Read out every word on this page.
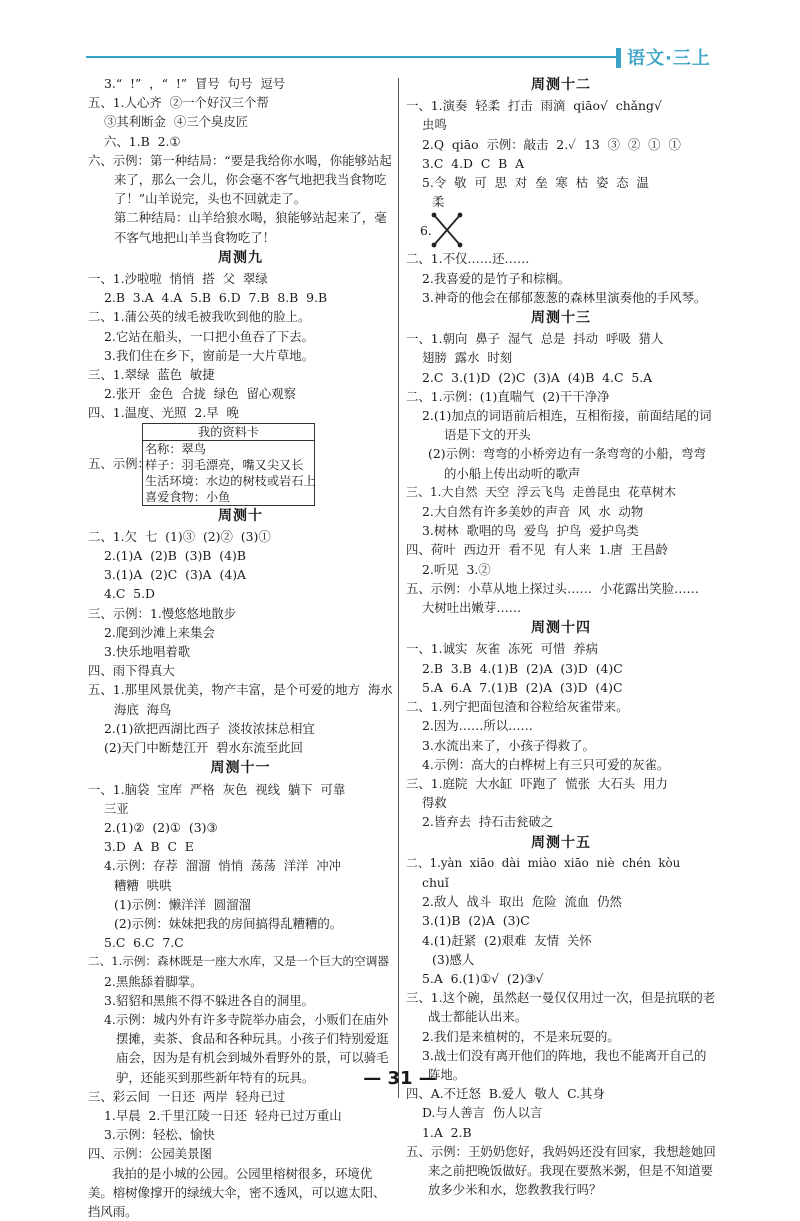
语文·三上
3.“  !”  ，“  !”  冒号  句号  逗号
五、1.人心齐  ②一个好汉三个帮
③其利断金  ④三个臭皮匠
六、1.B  2.①
六、示例：第一种结局：“要是我给你水喝，你能够站起来了，那么一会儿，你会毫不客气地把我当食物吃了！”山羊说完，头也不回就走了。
第二种结局：山羊给狼水喝，狼能够站起来了，毫不客气地把山羊当食物吃了！
周测九
一、1.沙啦啦  悄悄  搭  父  翠绿
2.B  3.A  4.A  5.B  6.D  7.B  8.B  9.B
二、1.蒲公英的绒毛被我吹到他的脸上。
2.它站在船头，一口把小鱼吞了下去。
3.我们住在乡下，窗前是一大片草地。
三、1.翠绿  蓝色  敏捷
2.张开  金色  合拢  绿色  留心观察
四、1.温度、光照  2.早  晚
五、示例：
我的资料卡
名称：翠鸟
样子：羽毛漂亮，嘴又尖又长
生活环境：水边的树枝或岩石上
喜爱食物：小鱼
周测十
二、1.欠  七  (1)③  (2)②  (3)①
2.(1)A  (2)B  (3)B  (4)B
3.(1)A  (2)C  (3)A  (4)A
4.C  5.D
三、示例：1.慢悠悠地散步
2.爬到沙滩上来集会
3.快乐地唱着歌
四、雨下得真大
五、1.那里风景优美，物产丰富，是个可爱的地方  海水
海底  海鸟
2.(1)欲把西湖比西子  淡妆浓抹总相宜
(2)天门中断楚江开  碧水东流至此回
周测十一
一、1.脑袋  宝库  严格  灰色  视线  躺下  可靠
三亚
2.(1)②  (2)①  (3)③
3.D  A  B  C  E
4.示例：存荐  溜溜  悄悄  荡荡  洋洋  冲冲
糟糟  哄哄
(1)示例：懒洋洋  圆溜溜
(2)示例：妹妹把我的房间搞得乱糟糟的。
5.C  6.C  7.C
二、1.示例：森林既是一座大水库，又是一个巨大的空调器
2.黑熊舔着脚掌。
3.貂貂和黑熊不得不躲进各自的洞里。
4.示例：城内外有许多寺院举办庙会，小贩们在庙外摆摊，卖茶、食品和各种玩具。小孩子们特别爱逛庙会，因为是有机会到城外看野外的景，可以骑毛驴，还能买到那些新年特有的玩具。
三、彩云间  一日还  两岸  轻舟已过
1.早晨  2.千里江陵一日还  轻舟已过万重山
3.示例：轻松、愉快
四、示例：公园美景图
我拍的是小城的公园。公园里榕树很多，环境优美。榕树像撑开的绿绒大伞，密不透风，可以遮太阳、挡风雨。
周测十二
一、1.演奏  轻柔  打击  雨滴  qiāo√  chǎng√
虫鸣
2.Q  qiāo  示例：敲击  2.✓  13  ③  ②  ①  ①
3.C  4.D  C  B  A
5.令  敬  可  思  对  垒  寒  枯  姿  态  温
柔
6.
二、1.不仅……还……
2.我喜爱的是竹子和棕榈。
3.神奇的他会在郁郁葱葱的森林里演奏他的手风琴。
周测十三
一、1.朝向  鼻子  湿气  总是  抖动  呼吸  猎人
翅膀  露水  时刻
2.C  3.(1)D  (2)C  (3)A  (4)B  4.C  5.A
二、1.示例：(1)直喘气  (2)干干净净
2.(1)加点的词语前后相连，互相衔接，前面结尾的词语是下文的开头
(2)示例：弯弯的小桥旁边有一条弯弯的小船，弯弯的小船上传出动听的歌声
三、1.大自然  天空  浮云飞鸟  走兽昆虫  花草树木
2.大自然有许多美妙的声音  风  水  动物
3.树林  歌唱的鸟  爱鸟  护鸟  爱护鸟类
四、荷叶  西边开  看不见  有人来  1.唐  王昌龄
2.听见  3.②
五、示例：小草从地上探过头……  小花露出笑脸……
大树吐出嫩芽……
周测十四
一、1.诚实  灰雀  冻死  可惜  养病
2.B  3.B  4.(1)B  (2)A  (3)D  (4)C
5.A  6.A  7.(1)B  (2)A  (3)D  (4)C
二、1.列宁把面包渣和谷粒给灰雀带来。
2.因为……所以……
3.水流出来了，小孩子得救了。
4.示例：高大的白桦树上有三只可爱的灰雀。
三、1.庭院  大水缸  吓跑了  慌张  大石头  用力
得救
2.皆弃去  持石击瓮破之
周测十五
二、1.yàn  xiāo  dài  miào  xiāo  niè  chén  kòu
chuǐ
2.敌人  战斗  取出  危险  流血  仍然
3.(1)B  (2)A  (3)C
4.(1)赶紧  (2)艰难  友情  关怀
(3)感人
5.A  6.(1)①√  (2)③√
三、1.这个碗，虽然赵一曼仅仅用过一次，但是抗联的老战士都能认出来。
2.我们是来植树的，不是来玩耍的。
3.战士们没有离开他们的阵地，我也不能离开自己的阵地。
四、A.不迁怒  B.爱人  敬人  C.其身
D.与人善言  伤人以言
1.A  2.B
五、示例：王奶奶您好，我妈妈还没有回家，我想趁她回来之前把晚饭做好。我现在要熬米粥，但是不知道要放多少米和水，您教教我行吗？
— 31 —
